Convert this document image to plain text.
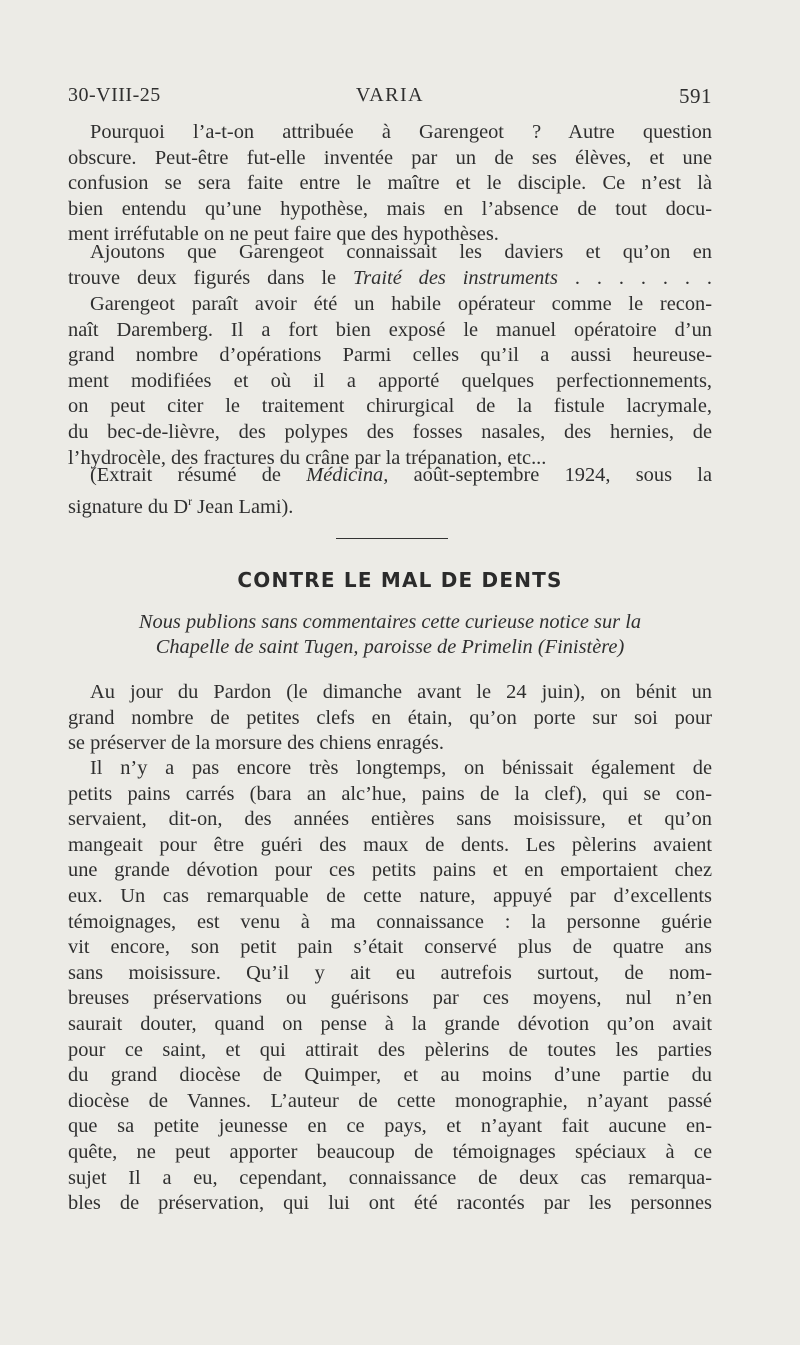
30-VIII-25	VARIA	591

Pourquoi l’a-t-on attribuée à Garengeot ? Autre question
obscure. Peut-être fut-elle inventée par un de ses élèves, et une
confusion se sera faite entre le maître et le disciple. Ce n’est là
bien entendu qu’une hypothèse, mais en l’absence de tout docu-
ment irréfutable on ne peut faire que des hypothèses.

Ajoutons que Garengeot connaissait les daviers et qu’on en
trouve deux figurés dans le Traité des instruments . . . . . . .

Garengeot paraît avoir été un habile opérateur comme le recon-
naît Daremberg. Il a fort bien exposé le manuel opératoire d’un
grand nombre d’opérations Parmi celles qu’il a aussi heureuse-
ment modifiées et où il a apporté quelques perfectionnements,
on peut citer le traitement chirurgical de la fistule lacrymale,
du bec-de-lièvre, des polypes des fosses nasales, des hernies, de
l’hydrocèle, des fractures du crâne par la trépanation, etc...

(Extrait résumé de Médicina, août-septembre 1924, sous la
signature du $D^r$ Jean Lami).

CONTRE LE MAL DE DENTS
Nous publions sans commentaires cette curieuse notice sur la
Chapelle de saint Tugen, paroisse de Primelin (Finistère)

Au jour du Pardon (le dimanche avant le 24 juin), on bénit un
grand nombre de petites clefs en étain, qu’on porte sur soi pour
se préserver de la morsure des chiens enragés.

Il n’y a pas encore très longtemps, on bénissait également de
petits pains carrés (bara an alc’hue, pains de la clef), qui se con-
servaient, dit-on, des années entières sans moisissure, et qu’on
mangeait pour être guéri des maux de dents. Les pèlerins avaient
une grande dévotion pour ces petits pains et en emportaient chez
eux. Un cas remarquable de cette nature, appuyé par d’excellents
témoignages, est venu à ma connaissance : la personne guérie
vit encore, son petit pain s’était conservé plus de quatre ans
sans moisissure. Qu’il y ait eu autrefois surtout, de nom-
breuses préservations ou guérisons par ces moyens, nul n’en
saurait douter, quand on pense à la grande dévotion qu’on avait
pour ce saint, et qui attirait des pèlerins de toutes les parties
du grand diocèse de Quimper, et au moins d’une partie du
diocèse de Vannes. L’auteur de cette monographie, n’ayant passé
que sa petite jeunesse en ce pays, et n’ayant fait aucune en-
quête, ne peut apporter beaucoup de témoignages spéciaux à ce
sujet Il a eu, cependant, connaissance de deux cas remarqua-
bles de préservation, qui lui ont été racontés par les personnes
